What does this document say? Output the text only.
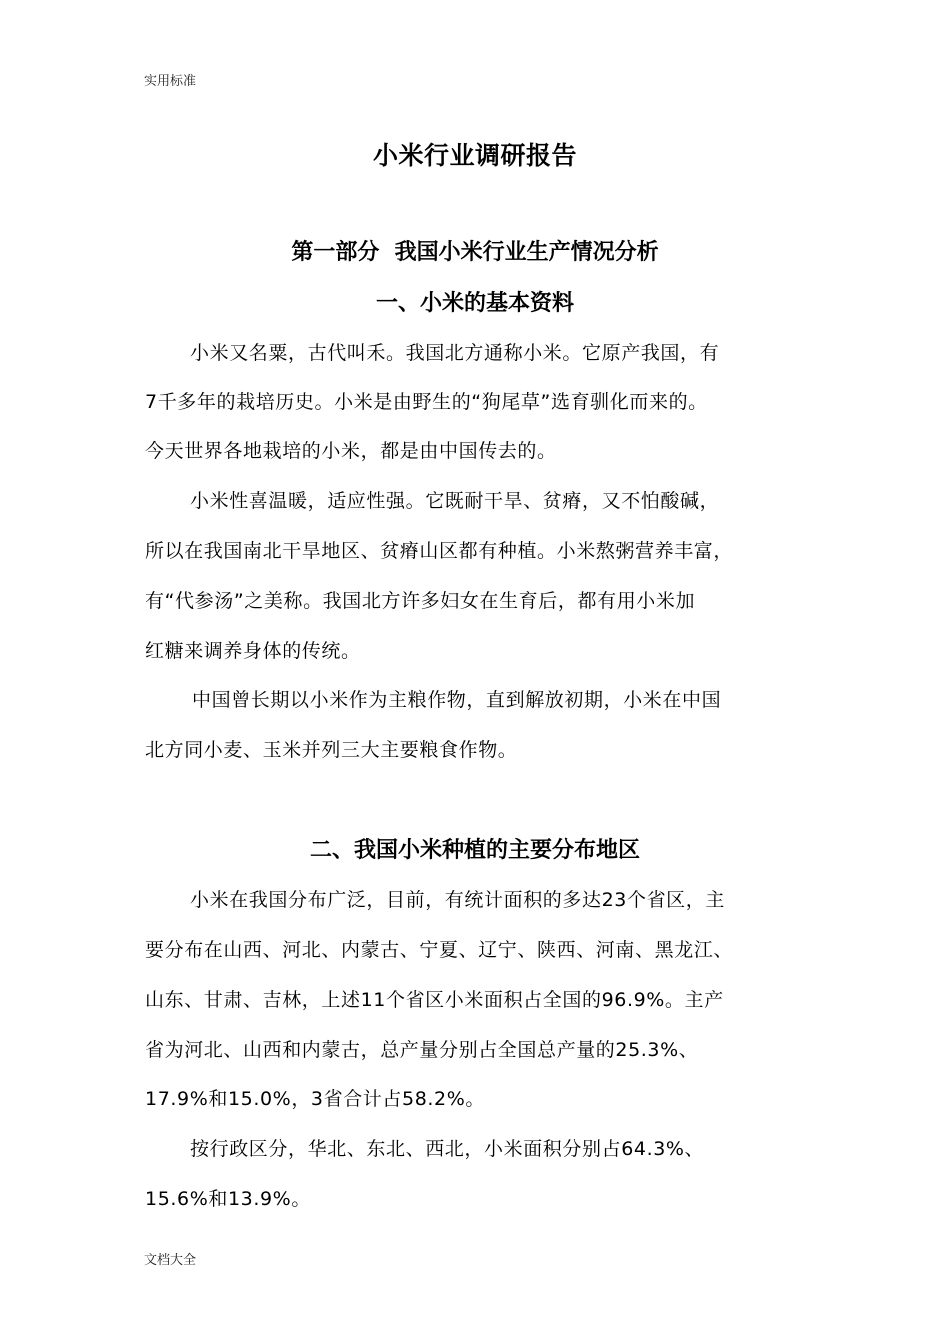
实用标准
小米行业调研报告
第一部分  我国小米行业生产情况分析
一、小米的基本资料
小米又名粟，古代叫禾。我国北方通称小米。它原产我国，有
7千多年的栽培历史。小米是由野生的“狗尾草”选育驯化而来的。
今天世界各地栽培的小米，都是由中国传去的。
小米性喜温暖，适应性强。它既耐干旱、贫瘠，又不怕酸碱，
所以在我国南北干旱地区、贫瘠山区都有种植。小米熬粥营养丰富，
有“代参汤”之美称。我国北方许多妇女在生育后，都有用小米加
红糖来调养身体的传统。
中国曾长期以小米作为主粮作物，直到解放初期，小米在中国
北方同小麦、玉米并列三大主要粮食作物。
二、我国小米种植的主要分布地区
小米在我国分布广泛，目前，有统计面积的多达23个省区，主
要分布在山西、河北、内蒙古、宁夏、辽宁、陕西、河南、黑龙江、
山东、甘肃、吉林，上述11个省区小米面积占全国的96.9%。主产
省为河北、山西和内蒙古，总产量分别占全国总产量的25.3%、
17.9%和15.0%，3省合计占58.2%。
按行政区分，华北、东北、西北，小米面积分别占64.3%、
15.6%和13.9%。
文档大全
